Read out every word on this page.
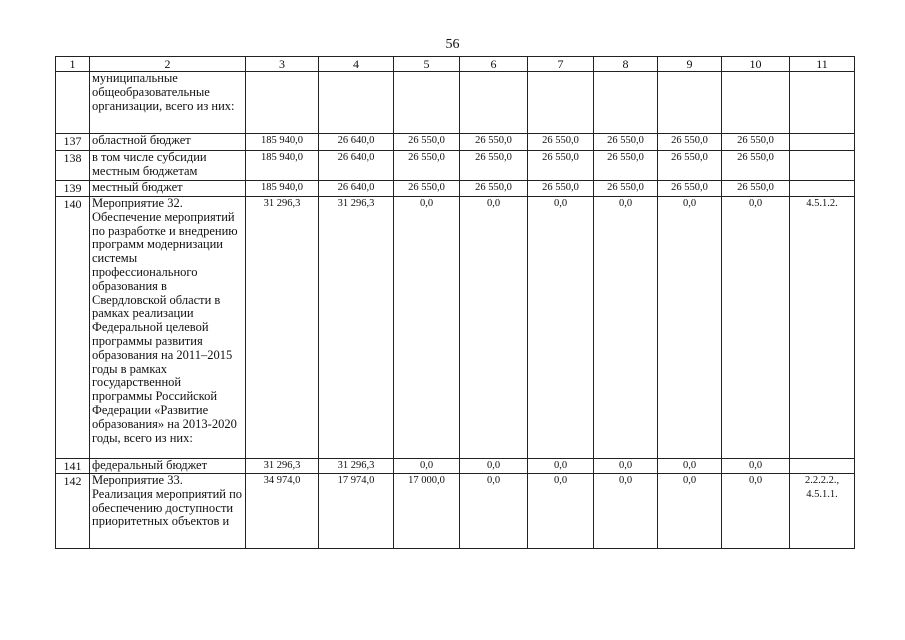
56
1	2	3	4	5	6	7	8	9	10	11
	муниципальные общеобразовательные организации, всего из них:									
137	областной бюджет	185 940,0	26 640,0	26 550,0	26 550,0	26 550,0	26 550,0	26 550,0	26 550,0	
138	в том числе субсидии местным бюджетам	185 940,0	26 640,0	26 550,0	26 550,0	26 550,0	26 550,0	26 550,0	26 550,0	
139	местный бюджет	185 940,0	26 640,0	26 550,0	26 550,0	26 550,0	26 550,0	26 550,0	26 550,0	
140	Мероприятие 32. Обеспечение мероприятий по разработке и внедрению программ модернизации системы профессионального образования в Свердловской области в рамках реализации Федеральной целевой программы развития образования на 2011–2015 годы в рамках государственной программы Российской Федерации «Развитие образования» на 2013-2020 годы, всего из них:	31 296,3	31 296,3	0,0	0,0	0,0	0,0	0,0	0,0	4.5.1.2.
141	федеральный бюджет	31 296,3	31 296,3	0,0	0,0	0,0	0,0	0,0	0,0	
142	Мероприятие 33. Реализация мероприятий по обеспечению доступности приоритетных объектов и	34 974,0	17 974,0	17 000,0	0,0	0,0	0,0	0,0	0,0	2.2.2.2., 4.5.1.1.
